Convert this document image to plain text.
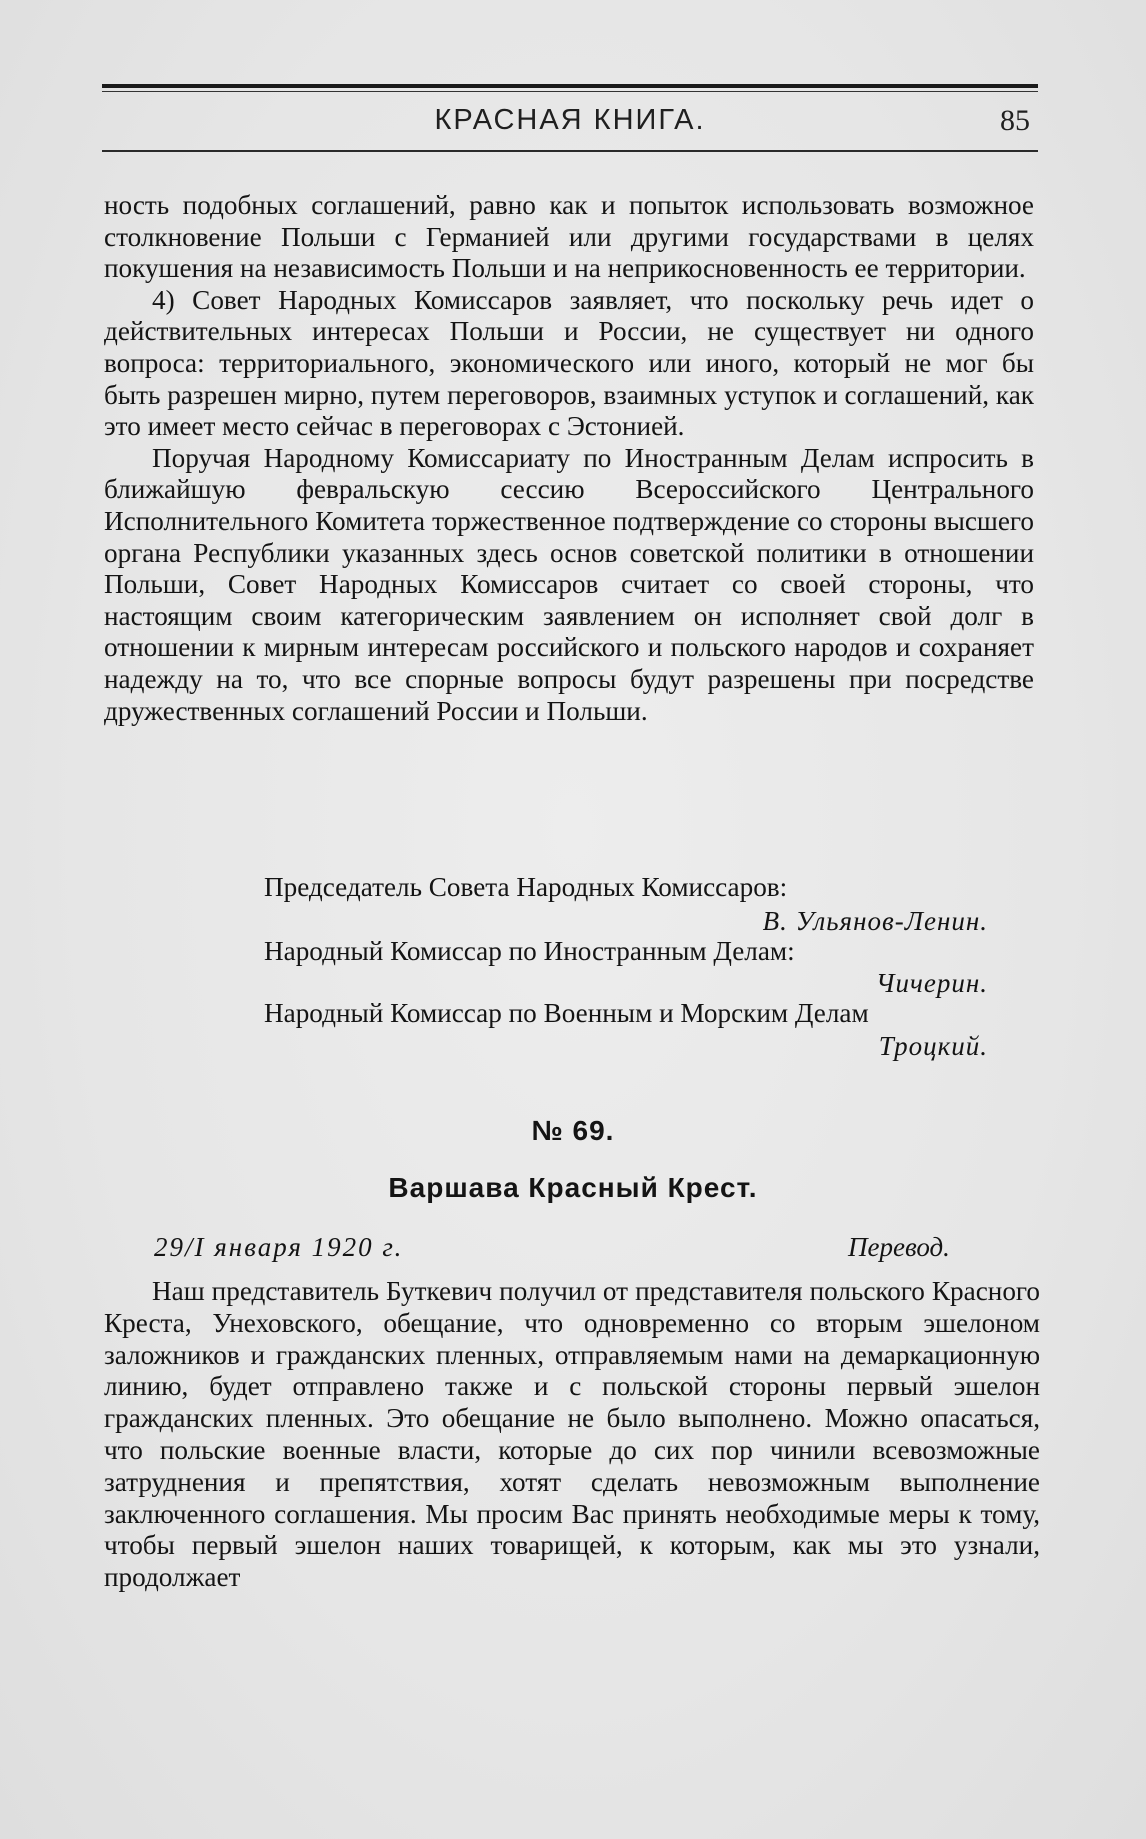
КРАСНАЯ КНИГА.	85

ность подобных соглашений, равно как и попыток использовать возможное столкновение Польши с Германией или другими государствами в целях покушения на независимость Польши и на неприкосновенность ее территории.

4) Совет Народных Комиссаров заявляет, что поскольку речь идет о действительных интересах Польши и России, не существует ни одного вопроса: территориального, экономического или иного, который не мог бы быть разрешен мирно, путем переговоров, взаимных уступок и соглашений, как это имеет место сейчас в переговорах с Эстонией.

Поручая Народному Комиссариату по Иностранным Делам испросить в ближайшую февральскую сессию Всероссийского Центрального Исполнительного Комитета торжественное подтверждение со стороны высшего органа Республики указанных здесь основ советской политики в отношении Польши, Совет Народных Комиссаров считает со своей стороны, что настоящим своим категорическим заявлением он исполняет свой долг в отношении к мирным интересам российского и польского народов и сохраняет надежду на то, что все спорные вопросы будут разрешены при посредстве дружественных соглашений России и Польши.

Председатель Совета Народных Комиссаров:
В. Ульянов-Ленин.
Народный Комиссар по Иностранным Делам:
Чичерин.
Народный Комиссар по Военным и Морским Делам
Троцкий.
№ 69.
Варшава Красный Крест.
29/I января 1920 г.	Перевод.

Наш представитель Буткевич получил от представителя польского Красного Креста, Унеховского, обещание, что одновременно со вторым эшелоном заложников и гражданских пленных, отправляемым нами на демаркационную линию, будет отправлено также и с польской стороны первый эшелон гражданских пленных. Это обещание не было выполнено. Можно опасаться, что польские военные власти, которые до сих пор чинили всевозможные затруднения и препятствия, хотят сделать невозможным выполнение заключенного соглашения. Мы просим Вас принять необходимые меры к тому, чтобы первый эшелон наших товарищей, к которым, как мы это узнали, продолжает
